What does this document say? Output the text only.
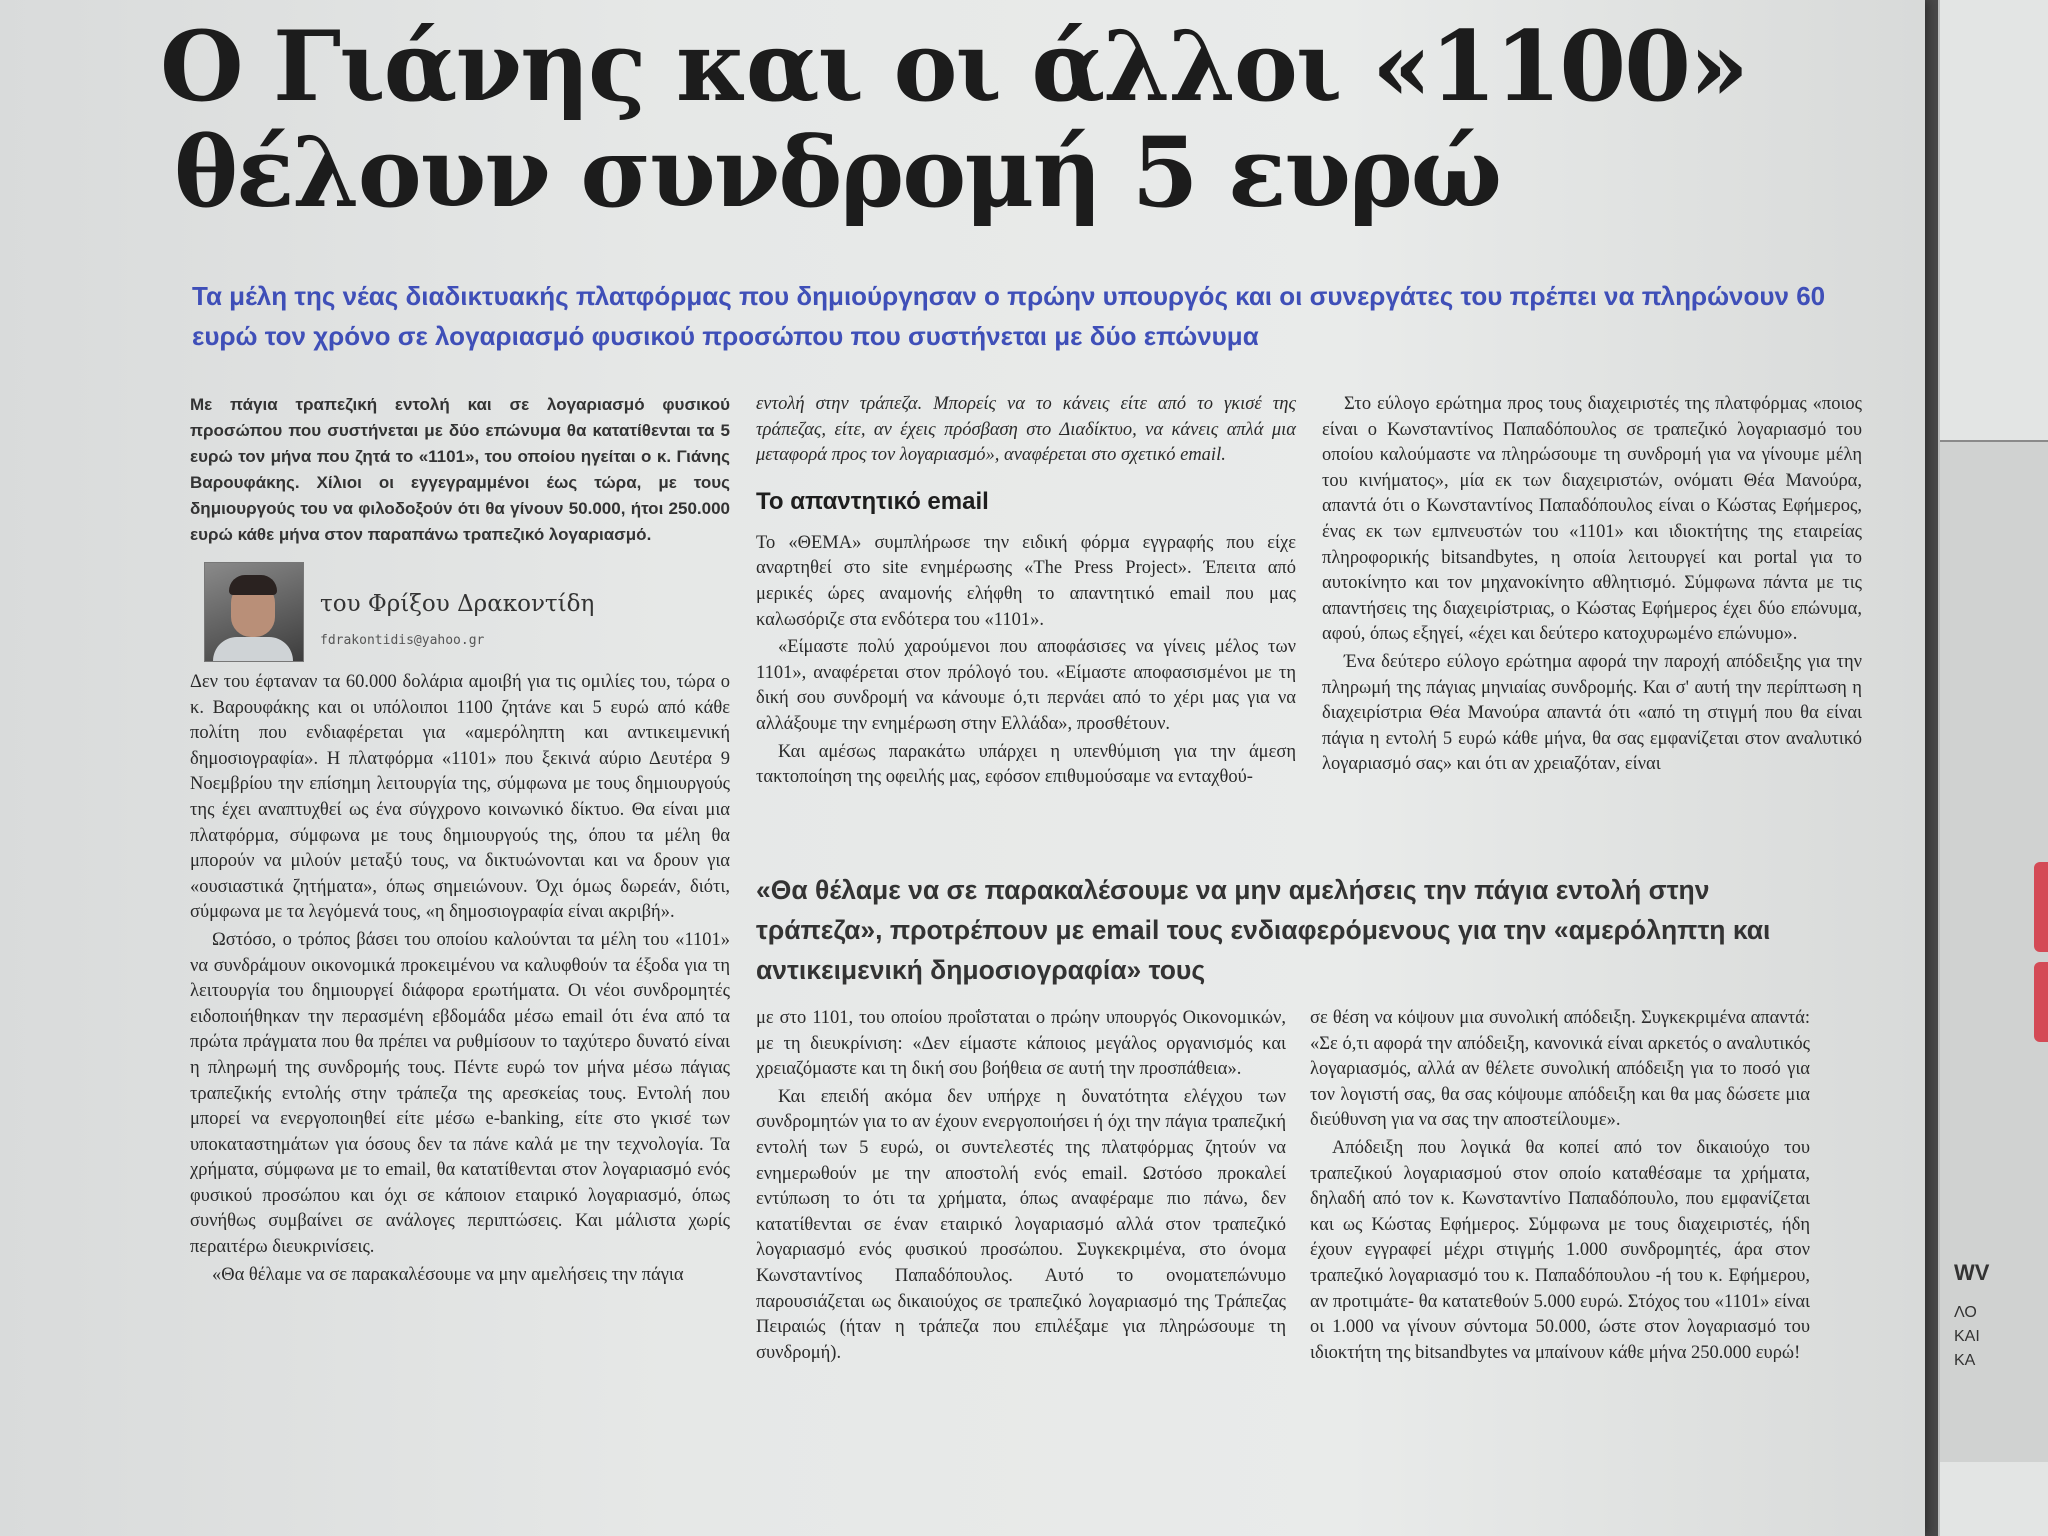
Ο Γιάνης και οι άλλοι «1100»
θέλουν συνδρομή 5 ευρώ
Τα μέλη της νέας διαδικτυακής πλατφόρμας που δημιούργησαν ο πρώην υπουργός και οι συνεργάτες του πρέπει να πληρώνουν 60 ευρώ τον χρόνο σε λογαριασμό φυσικού προσώπου που συστήνεται με δύο επώνυμα

Με πάγια τραπεζική εντολή και σε λογαριασμό φυσικού προσώπου που συστήνεται με δύο επώνυμα θα κατατίθενται τα 5 ευρώ τον μήνα που ζητά το «1101», του οποίου ηγείται ο κ. Γιάνης Βαρουφάκης. Χίλιοι οι εγγεγραμμένοι έως τώρα, με τους δημιουργούς του να φιλοδοξούν ότι θα γίνουν 50.000, ήτοι 250.000 ευρώ κάθε μήνα στον παραπάνω τραπεζικό λογαριασμό.

του Φρίξου Δρακοντίδη
fdrakontidis@yahoo.gr

Δεν του έφταναν τα 60.000 δολάρια αμοιβή για τις ομιλίες του, τώρα ο κ. Βαρουφάκης και οι υπόλοιποι 1100 ζητάνε και 5 ευρώ από κάθε πολίτη που ενδιαφέρεται για «αμερόληπτη και αντικειμενική δημοσιογραφία». Η πλατφόρμα «1101» που ξεκινά αύριο Δευτέρα 9 Νοεμβρίου την επίσημη λειτουργία της, σύμφωνα με τους δημιουργούς της έχει αναπτυχθεί ως ένα σύγχρονο κοινωνικό δίκτυο. Θα είναι μια πλατφόρμα, σύμφωνα με τους δημιουργούς της, όπου τα μέλη θα μπορούν να μιλούν μεταξύ τους, να δικτυώνονται και να δρουν για «ουσιαστικά ζητήματα», όπως σημειώνουν. Όχι όμως δωρεάν, διότι, σύμφωνα με τα λεγόμενά τους, «η δημοσιογραφία είναι ακριβή».

Ωστόσο, ο τρόπος βάσει του οποίου καλούνται τα μέλη του «1101» να συνδράμουν οικονομικά προκειμένου να καλυφθούν τα έξοδα για τη λειτουργία του δημιουργεί διάφορα ερωτήματα. Οι νέοι συνδρομητές ειδοποιήθηκαν την περασμένη εβδομάδα μέσω email ότι ένα από τα πρώτα πράγματα που θα πρέπει να ρυθμίσουν το ταχύτερο δυνατό είναι η πληρωμή της συνδρομής τους. Πέντε ευρώ τον μήνα μέσω πάγιας τραπεζικής εντολής στην τράπεζα της αρεσκείας τους. Εντολή που μπορεί να ενεργοποιηθεί είτε μέσω e-banking, είτε στο γκισέ των υποκαταστημάτων για όσους δεν τα πάνε καλά με την τεχνολογία. Τα χρήματα, σύμφωνα με το email, θα κατατίθενται στον λογαριασμό ενός φυσικού προσώπου και όχι σε κάποιον εταιρικό λογαριασμό, όπως συνήθως συμβαίνει σε ανάλογες περιπτώσεις. Και μάλιστα χωρίς περαιτέρω διευκρινίσεις.

«Θα θέλαμε να σε παρακαλέσουμε να μην αμελήσεις την πάγια

εντολή στην τράπεζα. Μπορείς να το κάνεις είτε από το γκισέ της τράπεζας, είτε, αν έχεις πρόσβαση στο Διαδίκτυο, να κάνεις απλά μια μεταφορά προς τον λογαριασμό», αναφέρεται στο σχετικό email.

Το απαντητικό email

Το «ΘΕΜΑ» συμπλήρωσε την ειδική φόρμα εγγραφής που είχε αναρτηθεί στο site ενημέρωσης «The Press Project». Έπειτα από μερικές ώρες αναμονής ελήφθη το απαντητικό email που μας καλωσόριζε στα ενδότερα του «1101».

«Είμαστε πολύ χαρούμενοι που αποφάσισες να γίνεις μέλος των 1101», αναφέρεται στον πρόλογό του. «Είμαστε αποφασισμένοι με τη δική σου συνδρομή να κάνουμε ό,τι περνάει από το χέρι μας για να αλλάξουμε την ενημέρωση στην Ελλάδα», προσθέτουν.

Και αμέσως παρακάτω υπάρχει η υπενθύμιση για την άμεση τακτοποίηση της οφειλής μας, εφόσον επιθυμούσαμε να ενταχθού-

Στο εύλογο ερώτημα προς τους διαχειριστές της πλατφόρμας «ποιος είναι ο Κωνσταντίνος Παπαδόπουλος σε τραπεζικό λογαριασμό του οποίου καλούμαστε να πληρώσουμε τη συνδρομή για να γίνουμε μέλη του κινήματος», μία εκ των διαχειριστών, ονόματι Θέα Μανούρα, απαντά ότι ο Κωνσταντίνος Παπαδόπουλος είναι ο Κώστας Εφήμερος, ένας εκ των εμπνευστών του «1101» και ιδιοκτήτης της εταιρείας πληροφορικής bitsandbytes, η οποία λειτουργεί και portal για το αυτοκίνητο και τον μηχανοκίνητο αθλητισμό. Σύμφωνα πάντα με τις απαντήσεις της διαχειρίστριας, ο Κώστας Εφήμερος έχει δύο επώνυμα, αφού, όπως εξηγεί, «έχει και δεύτερο κατοχυρωμένο επώνυμο».

Ένα δεύτερο εύλογο ερώτημα αφορά την παροχή απόδειξης για την πληρωμή της πάγιας μηνιαίας συνδρομής. Και σ' αυτή την περίπτωση η διαχειρίστρια Θέα Μανούρα απαντά ότι «από τη στιγμή που θα είναι πάγια η εντολή 5 ευρώ κάθε μήνα, θα σας εμφανίζεται στον αναλυτικό λογαριασμό σας» και ότι αν χρειαζόταν, είναι

«Θα θέλαμε να σε παρακαλέσουμε να μην αμελήσεις την πάγια εντολή στην τράπεζα», προτρέπουν με email τους ενδιαφερόμενους για την «αμερόληπτη και αντικειμενική δημοσιογραφία» τους

με στο 1101, του οποίου προΐσταται ο πρώην υπουργός Οικονομικών, με τη διευκρίνιση: «Δεν είμαστε κάποιος μεγάλος οργανισμός και χρειαζόμαστε και τη δική σου βοήθεια σε αυτή την προσπάθεια».

Και επειδή ακόμα δεν υπήρχε η δυνατότητα ελέγχου των συνδρομητών για το αν έχουν ενεργοποιήσει ή όχι την πάγια τραπεζική εντολή των 5 ευρώ, οι συντελεστές της πλατφόρμας ζητούν να ενημερωθούν με την αποστολή ενός email. Ωστόσο προκαλεί εντύπωση το ότι τα χρήματα, όπως αναφέραμε πιο πάνω, δεν κατατίθενται σε έναν εταιρικό λογαριασμό αλλά στον τραπεζικό λογαριασμό ενός φυσικού προσώπου. Συγκεκριμένα, στο όνομα Κωνσταντίνος Παπαδόπουλος. Αυτό το ονοματεπώνυμο παρουσιάζεται ως δικαιούχος σε τραπεζικό λογαριασμό της Τράπεζας Πειραιώς (ήταν η τράπεζα που επιλέξαμε για πληρώσουμε τη συνδρομή).

σε θέση να κόψουν μια συνολική απόδειξη. Συγκεκριμένα απαντά: «Σε ό,τι αφορά την απόδειξη, κανονικά είναι αρκετός ο αναλυτικός λογαριασμός, αλλά αν θέλετε συνολική απόδειξη για το ποσό για τον λογιστή σας, θα σας κόψουμε απόδειξη και θα μας δώσετε μια διεύθυνση για να σας την αποστείλουμε».

Απόδειξη που λογικά θα κοπεί από τον δικαιούχο του τραπεζικού λογαριασμού στον οποίο καταθέσαμε τα χρήματα, δηλαδή από τον κ. Κωνσταντίνο Παπαδόπουλο, που εμφανίζεται και ως Κώστας Εφήμερος. Σύμφωνα με τους διαχειριστές, ήδη έχουν εγγραφεί μέχρι στιγμής 1.000 συνδρομητές, άρα στον τραπεζικό λογαριασμό του κ. Παπαδόπουλου -ή του κ. Εφήμερου, αν προτιμάτε- θα κατατεθούν 5.000 ευρώ. Στόχος του «1101» είναι οι 1.000 να γίνουν σύντομα 50.000, ώστε στον λογαριασμό του ιδιοκτήτη της bitsandbytes να μπαίνουν κάθε μήνα 250.000 ευρώ!

WV
ΛΟ
ΚΑΙ
ΚΑ
